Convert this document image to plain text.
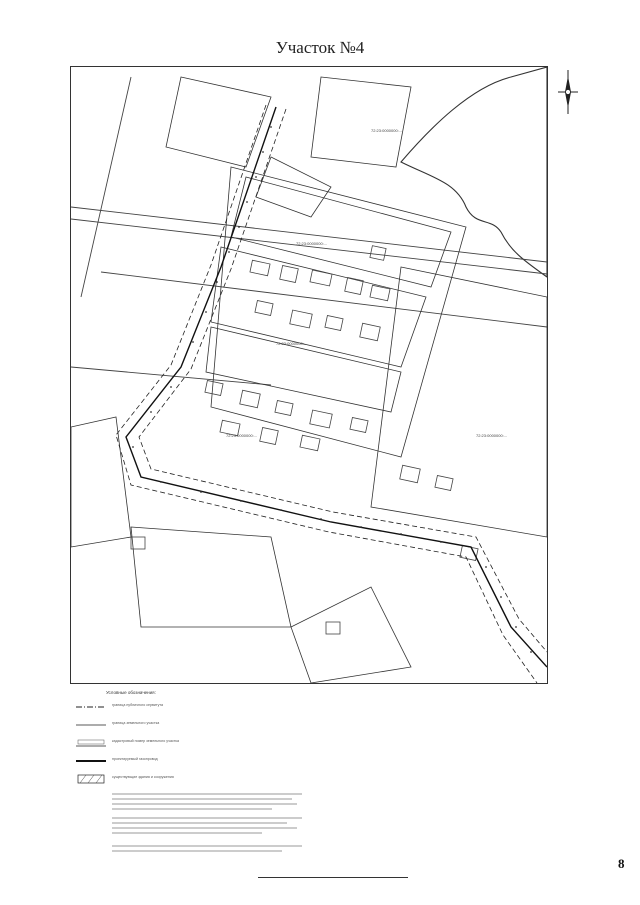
Участок №4
72:23:0000000:...
72:23:0000000:...
72:23:0000000:...
72:23:0000000:...	72:23:0000000:...
Условные обозначения:
граница публичного сервитута
граница земельного участка
кадастровый номер земельного участка
проектируемый газопровод
существующие здания и сооружения
8
